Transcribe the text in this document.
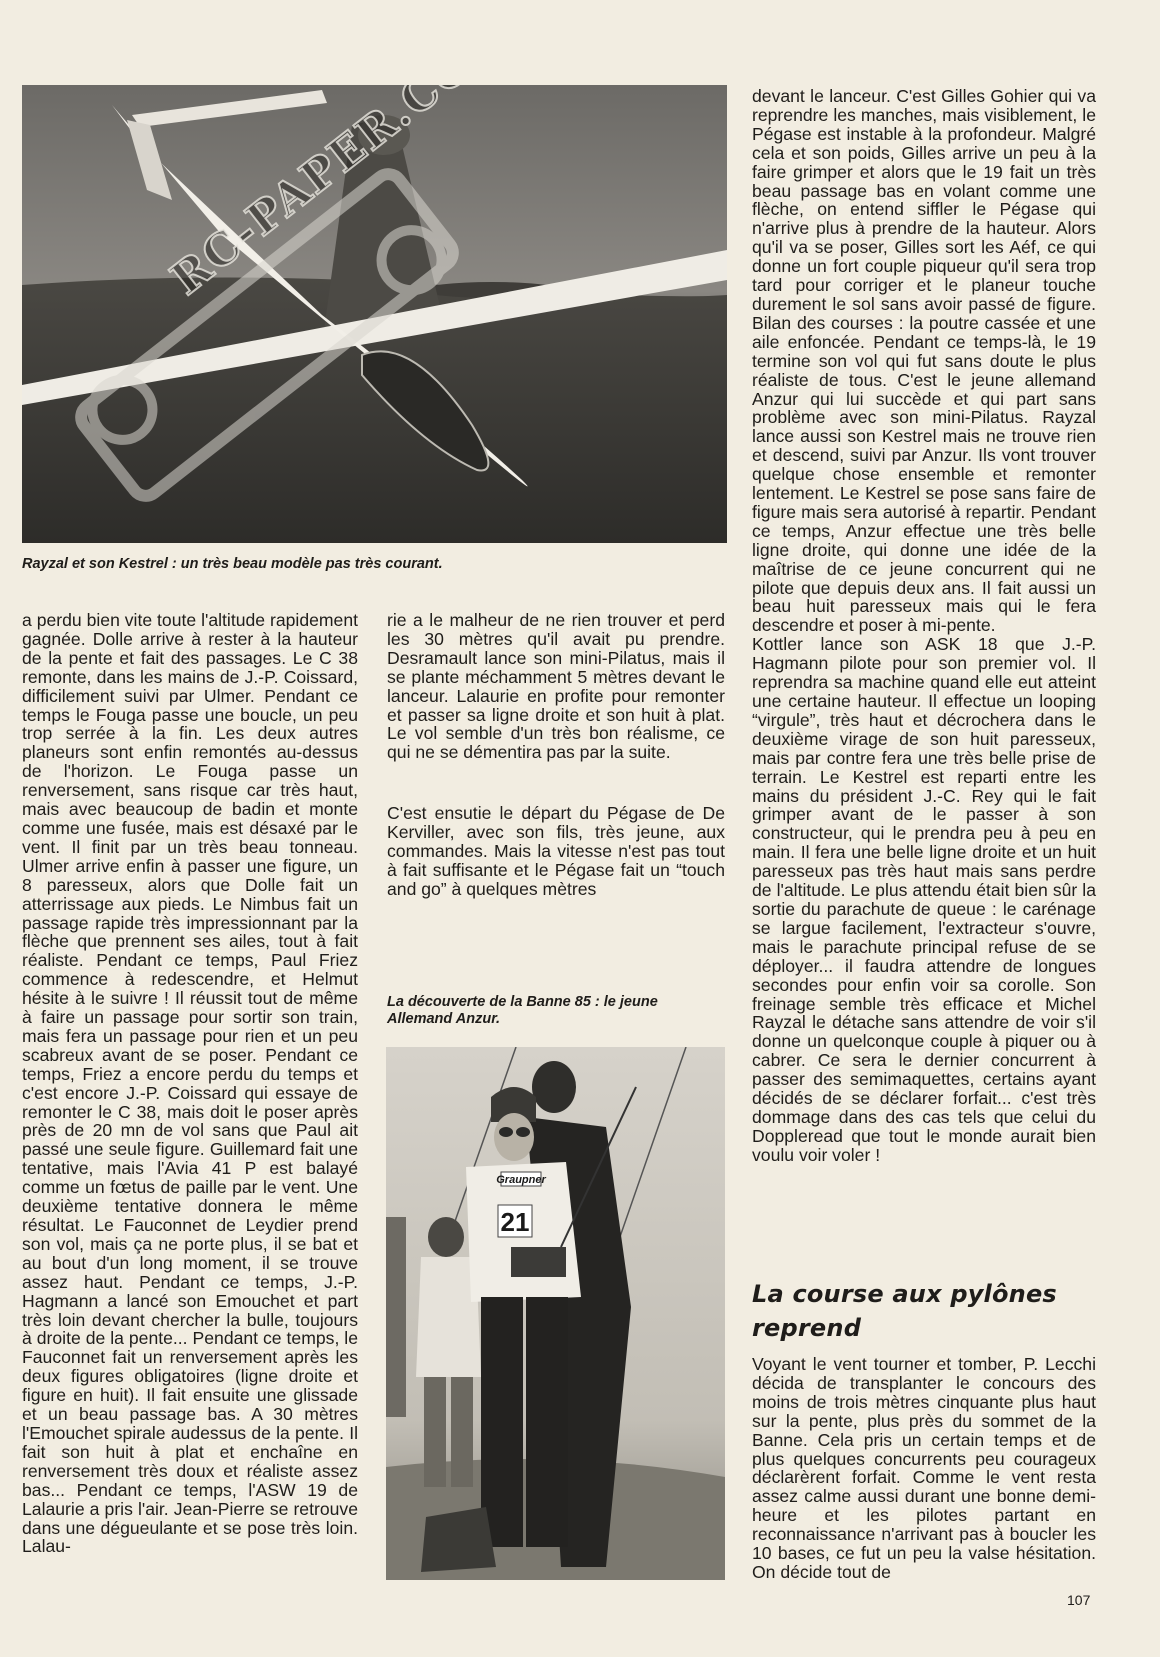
Rayzal et son Kestrel : un très beau modèle pas très courant.

a perdu bien vite toute l'altitude rapidement gagnée. Dolle arrive à rester à la hauteur de la pente et fait des passages. Le C 38 remonte, dans les mains de J.-P. Coissard, difficilement suivi par Ulmer. Pendant ce temps le Fouga passe une boucle, un peu trop serrée à la fin. Les deux autres planeurs sont enfin remontés au-dessus de l'horizon. Le Fouga passe un renversement, sans risque car très haut, mais avec beaucoup de badin et monte comme une fusée, mais est désaxé par le vent. Il finit par un très beau tonneau. Ulmer arrive enfin à passer une figure, un 8 paresseux, alors que Dolle fait un atterrissage aux pieds. Le Nimbus fait un passage rapide très impressionnant par la flèche que prennent ses ailes, tout à fait réaliste. Pendant ce temps, Paul Friez commence à redescendre, et Helmut hésite à le suivre ! Il réussit tout de même à faire un passage pour sortir son train, mais fera un passage pour rien et un peu scabreux avant de se poser. Pendant ce temps, Friez a encore perdu du temps et c'est encore J.-P. Coissard qui essaye de remonter le C 38, mais doit le poser après près de 20 mn de vol sans que Paul ait passé une seule figure. Guillemard fait une tentative, mais l'Avia 41 P est balayé comme un fœtus de paille par le vent. Une deuxième tentative donnera le même résultat. Le Fauconnet de Leydier prend son vol, mais ça ne porte plus, il se bat et au bout d'un long moment, il se trouve assez haut. Pendant ce temps, J.-P. Hagmann a lancé son Emouchet et part très loin devant chercher la bulle, toujours à droite de la pente... Pendant ce temps, le Fauconnet fait un renversement après les deux figures obligatoires (ligne droite et figure en huit). Il fait ensuite une glissade et un beau passage bas. A 30 mètres l'Emouchet spirale audessus de la pente. Il fait son huit à plat et enchaîne en renversement très doux et réaliste assez bas... Pendant ce temps, l'ASW 19 de Lalaurie a pris l'air. Jean-Pierre se retrouve dans une dégueulante et se pose très loin. Lalau-

rie a le malheur de ne rien trouver et perd les 30 mètres qu'il avait pu prendre. Desramault lance son mini-Pilatus, mais il se plante méchamment 5 mètres devant le lanceur. Lalaurie en profite pour remonter et passer sa ligne droite et son huit à plat. Le vol semble d'un très bon réalisme, ce qui ne se démentira pas par la suite.

C'est ensutie le départ du Pégase de De Kerviller, avec son fils, très jeune, aux commandes. Mais la vitesse n'est pas tout à fait suffisante et le Pégase fait un “touch and go” à quelques mètres

La découverte de la Banne 85 : le jeune Allemand Anzur.
Graupner
21

devant le lanceur. C'est Gilles Gohier qui va reprendre les manches, mais visiblement, le Pégase est instable à la profondeur. Malgré cela et son poids, Gilles arrive un peu à la faire grimper et alors que le 19 fait un très beau passage bas en volant comme une flèche, on entend siffler le Pégase qui n'arrive plus à prendre de la hauteur. Alors qu'il va se poser, Gilles sort les Aéf, ce qui donne un fort couple piqueur qu'il sera trop tard pour corriger et le planeur touche durement le sol sans avoir passé de figure. Bilan des courses : la poutre cassée et une aile enfoncée. Pendant ce temps-là, le 19 termine son vol qui fut sans doute le plus réaliste de tous. C'est le jeune allemand Anzur qui lui succède et qui part sans problème avec son mini-Pilatus. Rayzal lance aussi son Kestrel mais ne trouve rien et descend, suivi par Anzur. Ils vont trouver quelque chose ensemble et remonter lentement. Le Kestrel se pose sans faire de figure mais sera autorisé à repartir. Pendant ce temps, Anzur effectue une très belle ligne droite, qui donne une idée de la maîtrise de ce jeune concurrent qui ne pilote que depuis deux ans. Il fait aussi un beau huit paresseux mais qui le fera descendre et poser à mi-pente.

Kottler lance son ASK 18 que J.-P. Hagmann pilote pour son premier vol. Il reprendra sa machine quand elle eut atteint une certaine hauteur. Il effectue un looping “virgule”, très haut et décrochera dans le deuxième virage de son huit paresseux, mais par contre fera une très belle prise de terrain. Le Kestrel est reparti entre les mains du président J.-C. Rey qui le fait grimper avant de le passer à son constructeur, qui le prendra peu à peu en main. Il fera une belle ligne droite et un huit paresseux pas très haut mais sans perdre de l'altitude. Le plus attendu était bien sûr la sortie du parachute de queue : le carénage se largue facilement, l'extracteur s'ouvre, mais le parachute principal refuse de se déployer... il faudra attendre de longues secondes pour enfin voir sa corolle. Son freinage semble très efficace et Michel Rayzal le détache sans attendre de voir s'il donne un quelconque couple à piquer ou à cabrer. Ce sera le dernier concurrent à passer des semimaquettes, certains ayant décidés de se déclarer forfait... c'est très dommage dans des cas tels que celui du Doppleread que tout le monde aurait bien voulu voir voler !

La course aux pylônes reprend

Voyant le vent tourner et tomber, P. Lecchi décida de transplanter le concours des moins de trois mètres cinquante plus haut sur la pente, plus près du sommet de la Banne. Cela pris un certain temps et de plus quelques concurrents peu courageux déclarèrent forfait. Comme le vent resta assez calme aussi durant une bonne demi-heure et les pilotes partant en reconnaissance n'arrivant pas à boucler les 10 bases, ce fut un peu la valse hésitation. On décide tout de

107
